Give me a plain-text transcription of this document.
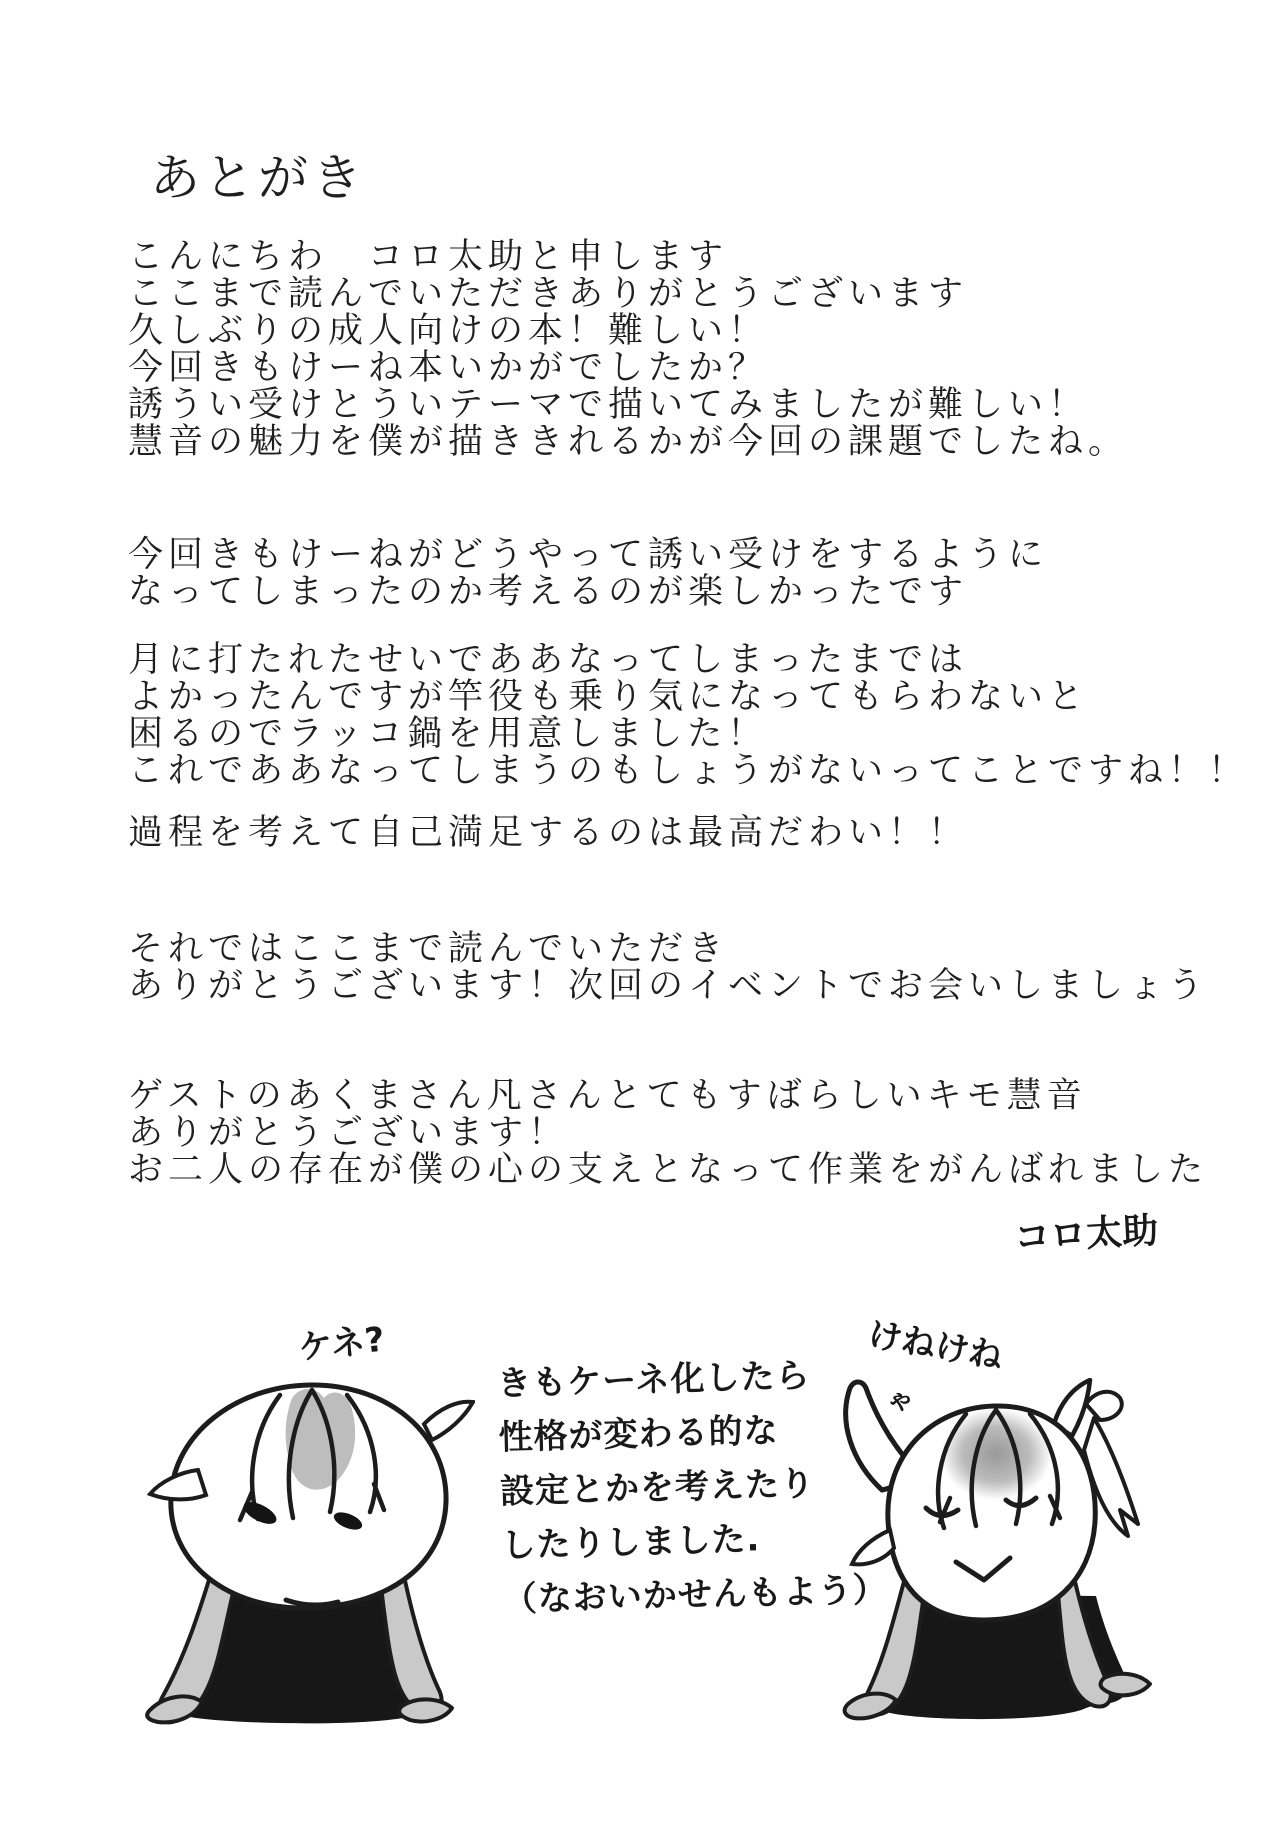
あとがき
こんにちわ　コロ太助と申します
ここまで読んでいただきありがとうございます
久しぶりの成人向けの本！難しい！
今回きもけーね本いかがでしたか？
誘うい受けとういテーマで描いてみましたが難しい！
慧音の魅力を僕が描ききれるかが今回の課題でしたね。
今回きもけーねがどうやって誘い受けをするように
なってしまったのか考えるのが楽しかったです
月に打たれたせいでああなってしまったまでは
よかったんですが竿役も乗り気になってもらわないと
困るのでラッコ鍋を用意しました！
これでああなってしまうのもしょうがないってことですね！！
過程を考えて自己満足するのは最高だわい！！
それではここまで読んでいただき
ありがとうございます！次回のイベントでお会いしましょう
ゲストのあくまさん凡さんとてもすばらしいキモ慧音
ありがとうございます！
お二人の存在が僕の心の支えとなって作業をがんばれました
コロ太助
ケネ?	けねけね
ゃ
きもケーネ化したら
性格が変わる的な
設定とかを考えたり
したりしました.
（なおいかせんもよう）
